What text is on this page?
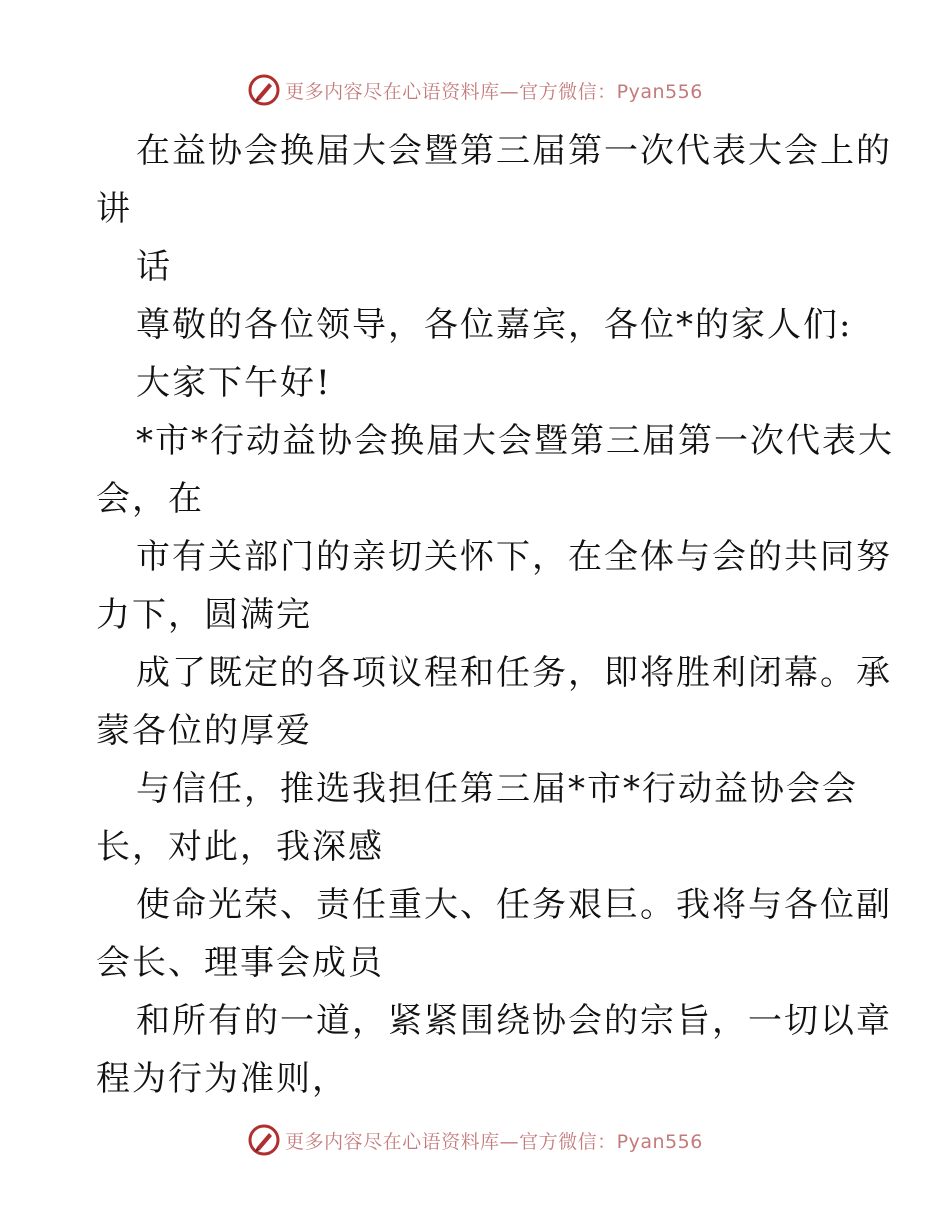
更多内容尽在心语资料库—官方微信：Pyan556
在益协会换届大会暨第三届第一次代表大会上的
讲
话
尊敬的各位领导，各位嘉宾，各位*的家人们:
大家下午好!
*市*行动益协会换届大会暨第三届第一次代表大
会，在
市有关部门的亲切关怀下，在全体与会的共同努
力下，圆满完
成了既定的各项议程和任务，即将胜利闭幕。承
蒙各位的厚爱
与信任，推选我担任第三届*市*行动益协会会
长，对此，我深感
使命光荣、责任重大、任务艰巨。我将与各位副
会长、理事会成员
和所有的一道，紧紧围绕协会的宗旨，一切以章
程为行为准则，
更多内容尽在心语资料库—官方微信：Pyan556
